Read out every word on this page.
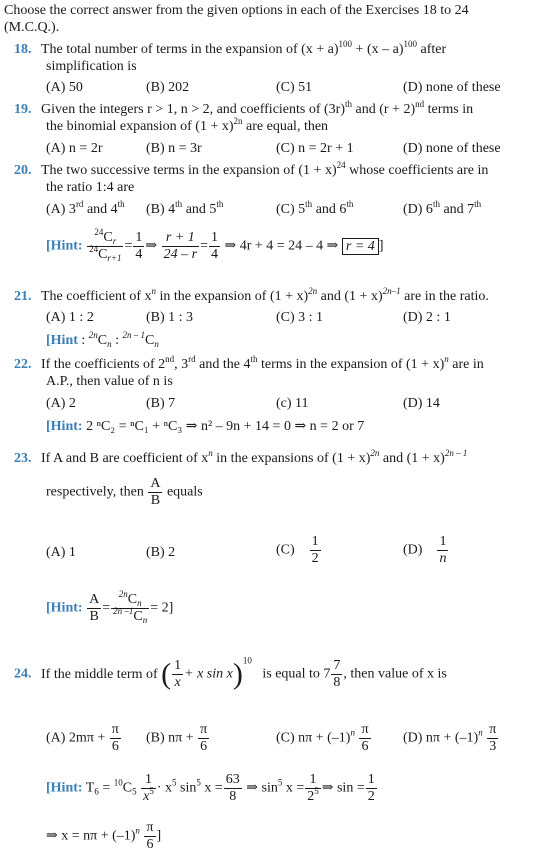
Choose the correct answer from the given options in each of the Exercises 18 to 24
(M.C.Q.).
18. The total number of terms in the expansion of $(x + a)^{100} + (x - a)^{100}$ after
simplification is
(A) 50	(B) 202	(C) 51	(D) none of these
19. Given the integers r > 1, n > 2, and coefficients of $(3r)^{th}$ and $(r + 2)^{nd}$ terms in
the binomial expansion of $(1 + x)^{2n}$ are equal, then
(A) n = 2r	(B) n = 3r	(C) n = 2r + 1	(D) none of these
20. The two successive terms in the expansion of $(1 + x)^{24}$ whose coefficients are in
the ratio 1:4 are
(A) 3rd and 4th (B) 4th and 5th	(C) 5th and 6th	(D) 6th and 7th
[Hint: $\frac{^{24}C_r}{^{24}C_{r+1}} = \frac{1}{4}$ ⇒ $\frac{r + 1}{24 - r} = \frac{1}{4}$ ⇒ 4r + 4 = 24 – 4 ⇒ r = 4 ]
21. The coefficient of $x^n$ in the expansion of $(1 + x)^{2n}$ and $(1 + x)^{2n-1}$ are in the ratio.
(A) 1 : 2	(B) 1 : 3	(C) 3 : 1	(D) 2 : 1
[Hint : $^{2n}C_n$ : $^{2n - 1}C_n$
22. If the coefficients of 2nd, 3rd and the 4th terms in the expansion of $(1 + x)^n$ are in
A.P., then value of n is
(A) 2	(B) 7	(c) 11	(D) 14
[Hint: 2 ⁿC₂ = ⁿC₁ + ⁿC₃ ⇒ n² – 9n + 14 = 0 ⇒ n = 2 or 7
23. If A and B are coefficient of $x^n$ in the expansions of $(1 + x)^{2n}$ and $(1 + x)^{2n - 1}$
respectively, then $\frac{A}{B}$ equals
(A) 1	(B) 2	$(C) \frac{1}{2}$	$(D) \frac{1}{n}$
[Hint: $\frac{A}{B} = \frac{^{2n}C_n}{^{2n -1}C_n} = 2$]
24. If the middle term of ( $\frac{1}{x} + x$ sin x)$^{10}$   is equal to $7 \frac{7}{8}$ , then value of x is
(A) $2m\pi + \frac{\pi}{6} (B) n\pi + \frac{\pi}{6}$	(C) $n\pi + (-1)^n \frac{\pi}{6} (D) n\pi + (-1)^n \frac{\pi}{3}$
[Hint: $T_6 = ^{10}C_5 \frac{1}{x^5} \cdot x^5$ $\sin^5 x = \frac{63}{8}$ ⇒ $\sin^5 x = \frac{1}{2^5}$ ⇒ $\sin = \frac{1}{2}$
⇒ $x = n\pi + (-1)^n \frac{\pi}{6}$ ]
